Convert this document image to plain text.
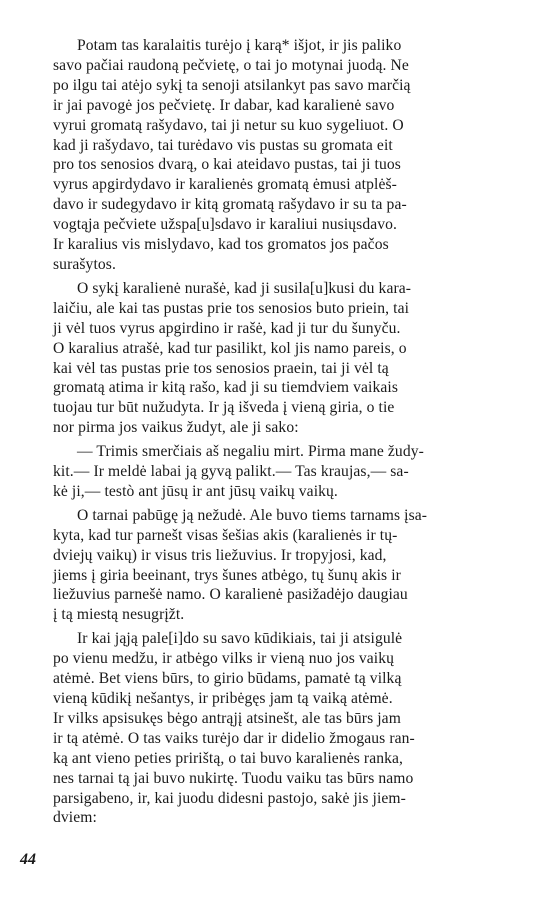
Potam tas karalaitis turėjo į karą* išjot, ir jis paliko
savo pačiai raudoną pečvietę, o tai jo motynai juodą. Ne
po ilgu tai atėjo sykį ta senoji atsilankyt pas savo marčią
ir jai pavogė jos pečvietę. Ir dabar, kad karalienė savo
vyrui gromatą rašydavo, tai ji netur su kuo sygeliuot. O
kad ji rašydavo, tai turėdavo vis pustas su gromata eit
pro tos senosios dvarą, o kai ateidavo pustas, tai ji tuos
vyrus apgirdydavo ir karalienės gromatą ėmusi atplėš-
davo ir sudegydavo ir kitą gromatą rašydavo ir su ta pa-
vogtąja pečviete užspa[u]sdavo ir karaliui nusiųsdavo.
Ir karalius vis mislydavo, kad tos gromatos jos pačos
surašytos.

O sykį karalienė nurašė, kad ji susila[u]kusi du kara-
laičiu, ale kai tas pustas prie tos senosios buto priein, tai
ji vėl tuos vyrus apgirdino ir rašė, kad ji tur du šunyču.
O karalius atrašė, kad tur pasilikt, kol jis namo pareis, o
kai vėl tas pustas prie tos senosios praein, tai ji vėl tą
gromatą atima ir kitą rašo, kad ji su tiemdviem vaikais
tuojau tur būt nužudyta. Ir ją išveda į vieną giria, o tie
nor pirma jos vaikus žudyt, ale ji sako:

— Trimis smerčiais aš negaliu mirt. Pirma mane žudy-
kit.— Ir meldė labai ją gyvą palikt.— Tas kraujas,— sa-
kė ji,— testò ant jūsų ir ant jūsų vaikų vaikų.

O tarnai pabūgę ją nežudė. Ale buvo tiems tarnams įsa-
kyta, kad tur parnešt visas šešias akis (karalienės ir tų-
dviejų vaikų) ir visus tris liežuvius. Ir tropyjosi, kad,
jiems į giria beeinant, trys šunes atbėgo, tų šunų akis ir
liežuvius parnešė namo. O karalienė pasižadėjo daugiau
į tą miestą nesugrįžt.

Ir kai jąją pale[i]do su savo kūdikiais, tai ji atsigulė
po vienu medžu, ir atbėgo vilks ir vieną nuo jos vaikų
atėmė. Bet viens būrs, to girio būdams, pamatė tą vilką
vieną kūdikį nešantys, ir pribėgęs jam tą vaiką atėmė.
Ir vilks apsisukęs bėgo antrąjį atsinešt, ale tas būrs jam
ir tą atėmė. O tas vaiks turėjo dar ir didelio žmogaus ran-
ką ant vieno peties pririštą, o tai buvo karalienės ranka,
nes tarnai tą jai buvo nukirtę. Tuodu vaiku tas būrs namo
parsigabeno, ir, kai juodu didesni pastojo, sakė jis jiem-
dviem:

44
